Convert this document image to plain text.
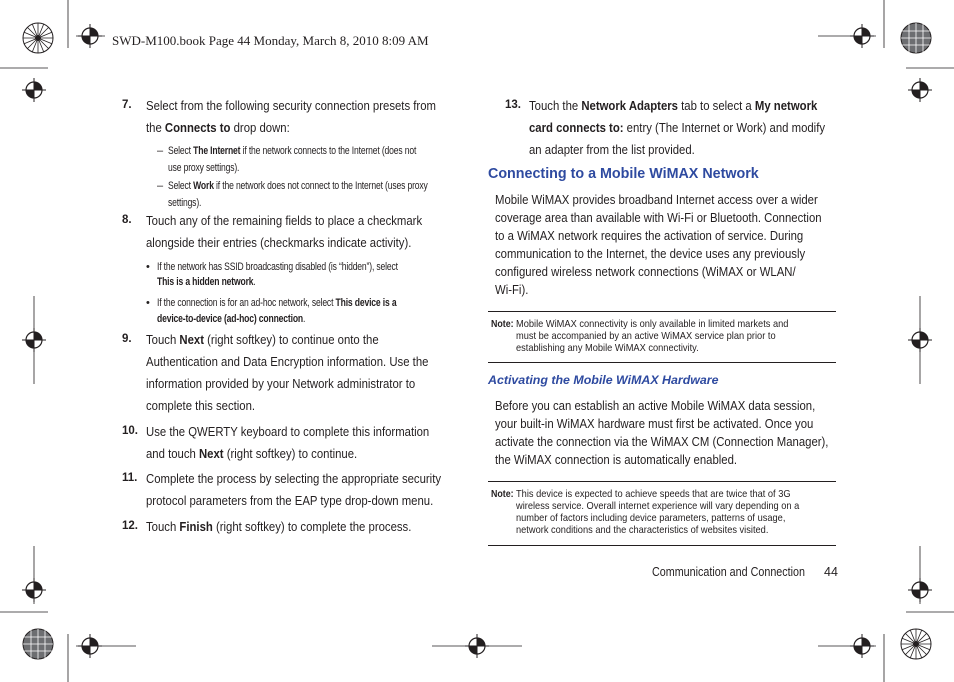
SWD-M100.book Page 44 Monday, March 8, 2010 8:09 AM
7. Select from the following security connection presets from
the Connects to drop down:
– Select The Internet if the network connects to the Internet (does not
use proxy settings).
– Select Work if the network does not connect to the Internet (uses proxy
settings).
8. Touch any of the remaining fields to place a checkmark
alongside their entries (checkmarks indicate activity).
• If the network has SSID broadcasting disabled (is “hidden”), select
This is a hidden network.
• If the connection is for an ad-hoc network, select This device is a
device-to-device (ad-hoc) connection.
9. Touch Next (right softkey) to continue onto the
Authentication and Data Encryption information. Use the
information provided by your Network administrator to
complete this section.
10. Use the QWERTY keyboard to complete this information
and touch Next (right softkey) to continue.
11. Complete the process by selecting the appropriate security
protocol parameters from the EAP type drop-down menu.
12. Touch Finish (right softkey) to complete the process.
13. Touch the Network Adapters tab to select a My network
card connects to: entry (The Internet or Work) and modify
an adapter from the list provided.
Connecting to a Mobile WiMAX Network
Mobile WiMAX provides broadband Internet access over a wider
coverage area than available with Wi-Fi or Bluetooth. Connection
to a WiMAX network requires the activation of service. During
communication to the Internet, the device uses any previously
configured wireless network connections (WiMAX or WLAN/
Wi-Fi).
Note: Mobile WiMAX connectivity is only available in limited markets and
must be accompanied by an active WiMAX service plan prior to
establishing any Mobile WiMAX connectivity.
Activating the Mobile WiMAX Hardware
Before you can establish an active Mobile WiMAX data session,
your built-in WiMAX hardware must first be activated. Once you
activate the connection via the WiMAX CM (Connection Manager),
the WiMAX connection is automatically enabled.
Note: This device is expected to achieve speeds that are twice that of 3G
wireless service. Overall internet experience will vary depending on a
number of factors including device parameters, patterns of usage,
network conditions and the characteristics of websites visited.
Communication and Connection	44
